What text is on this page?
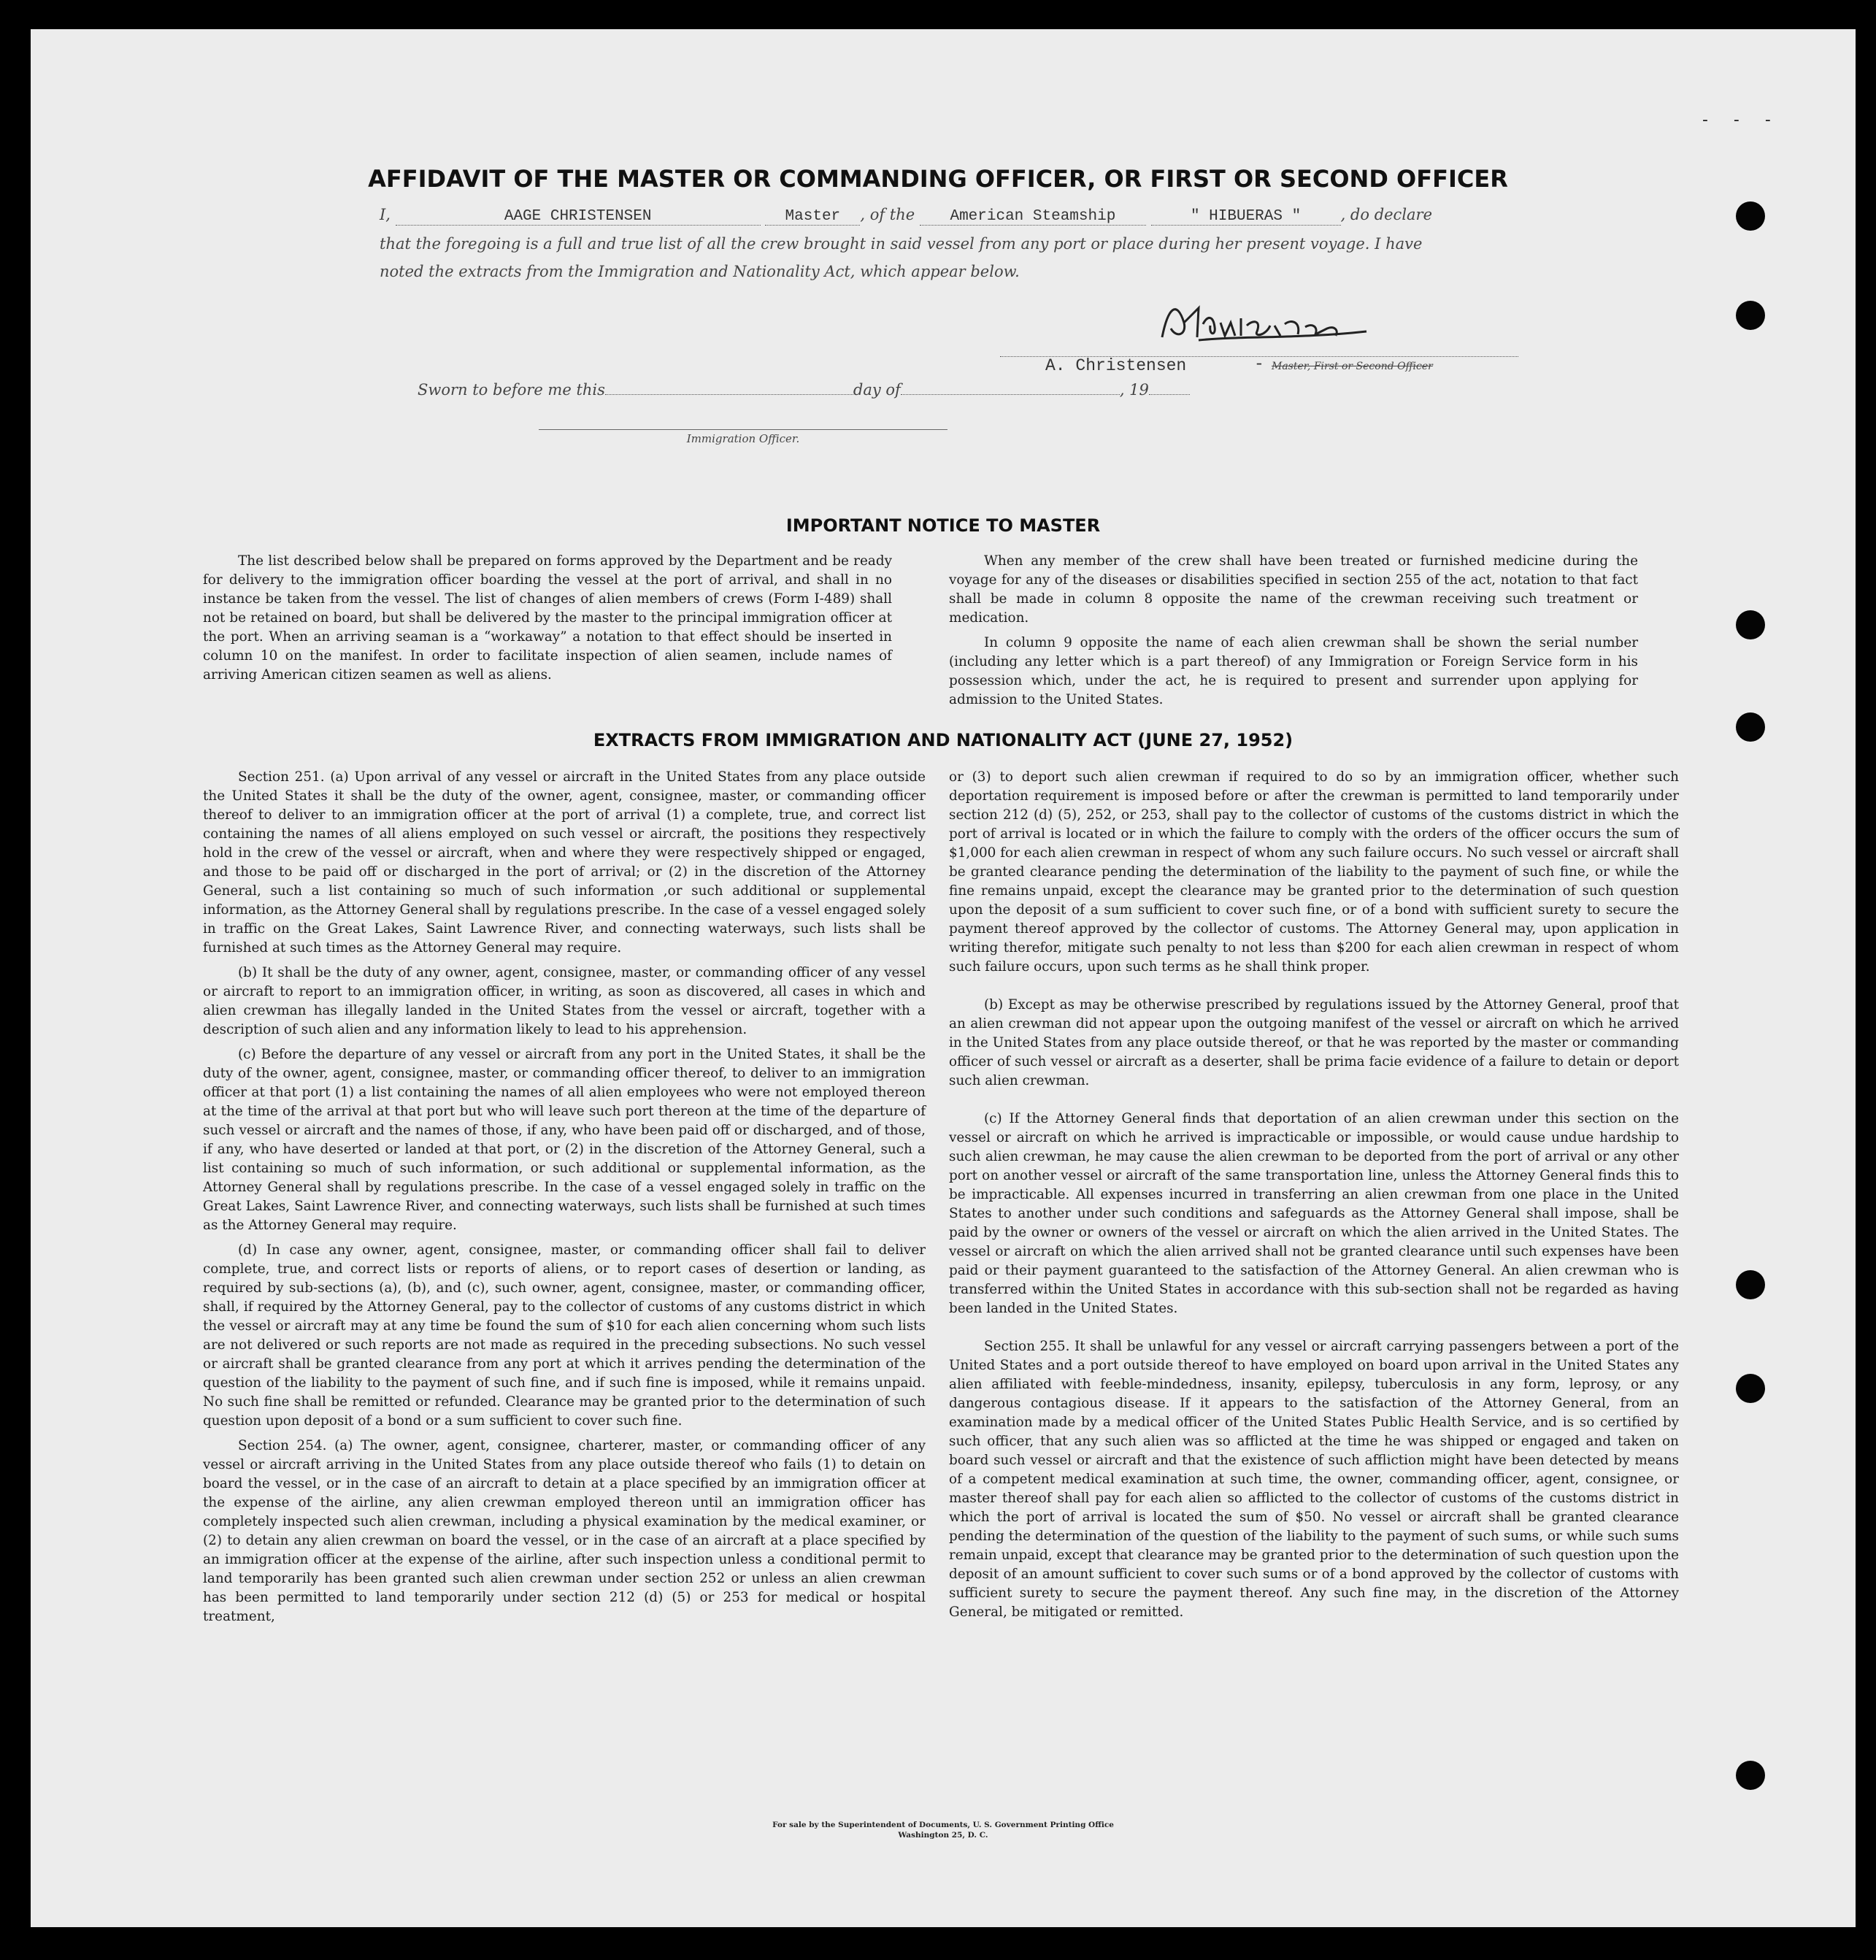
- - -
AFFIDAVIT OF THE MASTER OR COMMANDING OFFICER, OR FIRST OR SECOND OFFICER
I,	AAGE CHRISTENSEN	Master , of the American Steamship	" HIBUERAS "	, do declare
that the foregoing is a full and true list of all the crew brought in said vessel from any port or place during her present voyage. I have
noted the extracts from the Immigration and Nationality Act, which appear below.
A. Christensen	- Master, First or Second Officer
Sworn to before me this	day of	, 19
Immigration Officer.
IMPORTANT NOTICE TO MASTER

The list described below shall be prepared on forms approved by the Department and be ready for delivery to the immigration officer boarding the vessel at the port of arrival, and shall in no instance be taken from the vessel. The list of changes of alien members of crews (Form I-489) shall not be retained on board, but shall be delivered by the master to the principal immigration officer at the port. When an arriving seaman is a “workaway” a notation to that effect should be inserted in column 10 on the manifest. In order to facilitate inspection of alien seamen, include names of arriving American citizen seamen as well as aliens.

When any member of the crew shall have been treated or furnished medicine during the voyage for any of the diseases or disabilities specified in section 255 of the act, notation to that fact shall be made in column 8 opposite the name of the crewman receiving such treatment or medication.

In column 9 opposite the name of each alien crewman shall be shown the serial number (including any letter which is a part thereof) of any Immigration or Foreign Service form in his possession which, under the act, he is required to present and surrender upon applying for admission to the United States.

EXTRACTS FROM IMMIGRATION AND NATIONALITY ACT (JUNE 27, 1952)

Section 251. (a) Upon arrival of any vessel or aircraft in the United States from any place outside the United States it shall be the duty of the owner, agent, consignee, master, or commanding officer thereof to deliver to an immigration officer at the port of arrival (1) a complete, true, and correct list containing the names of all aliens employed on such vessel or aircraft, the positions they respectively hold in the crew of the vessel or aircraft, when and where they were respectively shipped or engaged, and those to be paid off or discharged in the port of arrival; or (2) in the discretion of the Attorney General, such a list containing so much of such information ,or such additional or supplemental information, as the Attorney General shall by regulations prescribe. In the case of a vessel engaged solely in traffic on the Great Lakes, Saint Lawrence River, and connecting waterways, such lists shall be furnished at such times as the Attorney General may require.

(b) It shall be the duty of any owner, agent, consignee, master, or commanding officer of any vessel or aircraft to report to an immigration officer, in writing, as soon as discovered, all cases in which and alien crewman has illegally landed in the United States from the vessel or aircraft, together with a description of such alien and any information likely to lead to his apprehension.

(c) Before the departure of any vessel or aircraft from any port in the United States, it shall be the duty of the owner, agent, consignee, master, or commanding officer thereof, to deliver to an immigration officer at that port (1) a list containing the names of all alien employees who were not employed thereon at the time of the arrival at that port but who will leave such port thereon at the time of the departure of such vessel or aircraft and the names of those, if any, who have been paid off or discharged, and of those, if any, who have deserted or landed at that port, or (2) in the discretion of the Attorney General, such a list containing so much of such information, or such additional or supplemental information, as the Attorney General shall by regulations prescribe. In the case of a vessel engaged solely in traffic on the Great Lakes, Saint Lawrence River, and connecting waterways, such lists shall be furnished at such times as the Attorney General may require.

(d) In case any owner, agent, consignee, master, or commanding officer shall fail to deliver complete, true, and correct lists or reports of aliens, or to report cases of desertion or landing, as required by sub-sections (a), (b), and (c), such owner, agent, consignee, master, or commanding officer, shall, if required by the Attorney General, pay to the collector of customs of any customs district in which the vessel or aircraft may at any time be found the sum of $10 for each alien concerning whom such lists are not delivered or such reports are not made as required in the preceding subsections. No such vessel or aircraft shall be granted clearance from any port at which it arrives pending the determination of the question of the liability to the payment of such fine, and if such fine is imposed, while it remains unpaid. No such fine shall be remitted or refunded. Clearance may be granted prior to the determination of such question upon deposit of a bond or a sum sufficient to cover such fine.

Section 254. (a) The owner, agent, consignee, charterer, master, or commanding officer of any vessel or aircraft arriving in the United States from any place outside thereof who fails (1) to detain on board the vessel, or in the case of an aircraft to detain at a place specified by an immigration officer at the expense of the airline, any alien crewman employed thereon until an immigration officer has completely inspected such alien crewman, including a physical examination by the medical examiner, or (2) to detain any alien crewman on board the vessel, or in the case of an aircraft at a place specified by an immigration officer at the expense of the airline, after such inspection unless a conditional permit to land temporarily has been granted such alien crewman under section 252 or unless an alien crewman has been permitted to land temporarily under section 212 (d) (5) or 253 for medical or hospital treatment,

or (3) to deport such alien crewman if required to do so by an immigration officer, whether such deportation requirement is imposed before or after the crewman is permitted to land temporarily under section 212 (d) (5), 252, or 253, shall pay to the collector of customs of the customs district in which the port of arrival is located or in which the failure to comply with the orders of the officer occurs the sum of $1,000 for each alien crewman in respect of whom any such failure occurs. No such vessel or aircraft shall be granted clearance pending the determination of the liability to the payment of such fine, or while the fine remains unpaid, except the clearance may be granted prior to the determination of such question upon the deposit of a sum sufficient to cover such fine, or of a bond with sufficient surety to secure the payment thereof approved by the collector of customs. The Attorney General may, upon application in writing therefor, mitigate such penalty to not less than $200 for each alien crewman in respect of whom such failure occurs, upon such terms as he shall think proper.

(b) Except as may be otherwise prescribed by regulations issued by the Attorney General, proof that an alien crewman did not appear upon the outgoing manifest of the vessel or aircraft on which he arrived in the United States from any place outside thereof, or that he was reported by the master or commanding officer of such vessel or aircraft as a deserter, shall be prima facie evidence of a failure to detain or deport such alien crewman.

(c) If the Attorney General finds that deportation of an alien crewman under this section on the vessel or aircraft on which he arrived is impracticable or impossible, or would cause undue hardship to such alien crewman, he may cause the alien crewman to be deported from the port of arrival or any other port on another vessel or aircraft of the same transportation line, unless the Attorney General finds this to be impracticable. All expenses incurred in transferring an alien crewman from one place in the United States to another under such conditions and safeguards as the Attorney General shall impose, shall be paid by the owner or owners of the vessel or aircraft on which the alien arrived in the United States. The vessel or aircraft on which the alien arrived shall not be granted clearance until such expenses have been paid or their payment guaranteed to the satisfaction of the Attorney General. An alien crewman who is transferred within the United States in accordance with this sub-section shall not be regarded as having been landed in the United States.

Section 255. It shall be unlawful for any vessel or aircraft carrying passengers between a port of the United States and a port outside thereof to have employed on board upon arrival in the United States any alien affiliated with feeble-mindedness, insanity, epilepsy, tuberculosis in any form, leprosy, or any dangerous contagious disease. If it appears to the satisfaction of the Attorney General, from an examination made by a medical officer of the United States Public Health Service, and is so certified by such officer, that any such alien was so afflicted at the time he was shipped or engaged and taken on board such vessel or aircraft and that the existence of such affliction might have been detected by means of a competent medical examination at such time, the owner, commanding officer, agent, consignee, or master thereof shall pay for each alien so afflicted to the collector of customs of the customs district in which the port of arrival is located the sum of $50. No vessel or aircraft shall be granted clearance pending the determination of the question of the liability to the payment of such sums, or while such sums remain unpaid, except that clearance may be granted prior to the determination of such question upon the deposit of an amount sufficient to cover such sums or of a bond approved by the collector of customs with sufficient surety to secure the payment thereof. Any such fine may, in the discretion of the Attorney General, be mitigated or remitted.

For sale by the Superintendent of Documents, U. S. Government Printing Office
Washington 25, D. C.
